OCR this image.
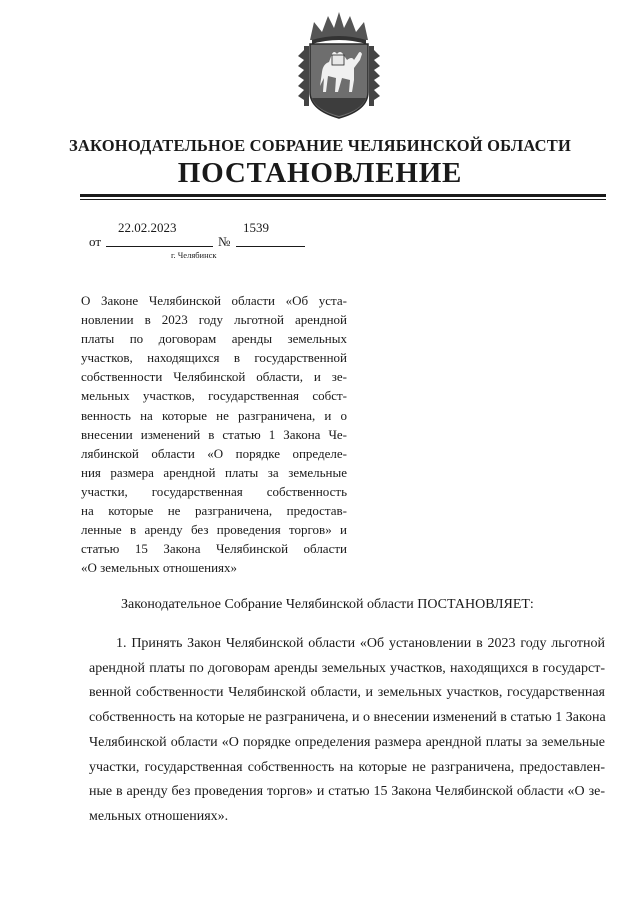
ЗАКОНОДАТЕЛЬНОЕ СОБРАНИЕ ЧЕЛЯБИНСКОЙ ОБЛАСТИ
ПОСТАНОВЛЕНИЕ
от
22.02.2023
№
1539
г. Челябинск
О Законе Челябинской области «Об уста-
новлении в 2023 году льготной арендной
платы по договорам аренды земельных
участков, находящихся в государственной
собственности Челябинской области, и зе-
мельных участков, государственная собст-
венность на которые не разграничена, и о
внесении изменений в статью 1 Закона Че-
лябинской области «О порядке определе-
ния размера арендной платы за земельные
участки, государственная собственность
на которые не разграничена, предостав-
ленные в аренду без проведения торгов» и
статью 15 Закона Челябинской области
«О земельных отношениях»
Законодательное Собрание Челябинской области ПОСТАНОВЛЯЕТ:
1. Принять Закон Челябинской области «Об установлении в 2023 году льготной
арендной платы по договорам аренды земельных участков, находящихся в государст-
венной собственности Челябинской области, и земельных участков, государственная
собственность на которые не разграничена, и о внесении изменений в статью 1 Закона
Челябинской области «О порядке определения размера арендной платы за земельные
участки, государственная собственность на которые не разграничена, предоставлен-
ные в аренду без проведения торгов» и статью 15 Закона Челябинской области «О зе-
мельных отношениях».
